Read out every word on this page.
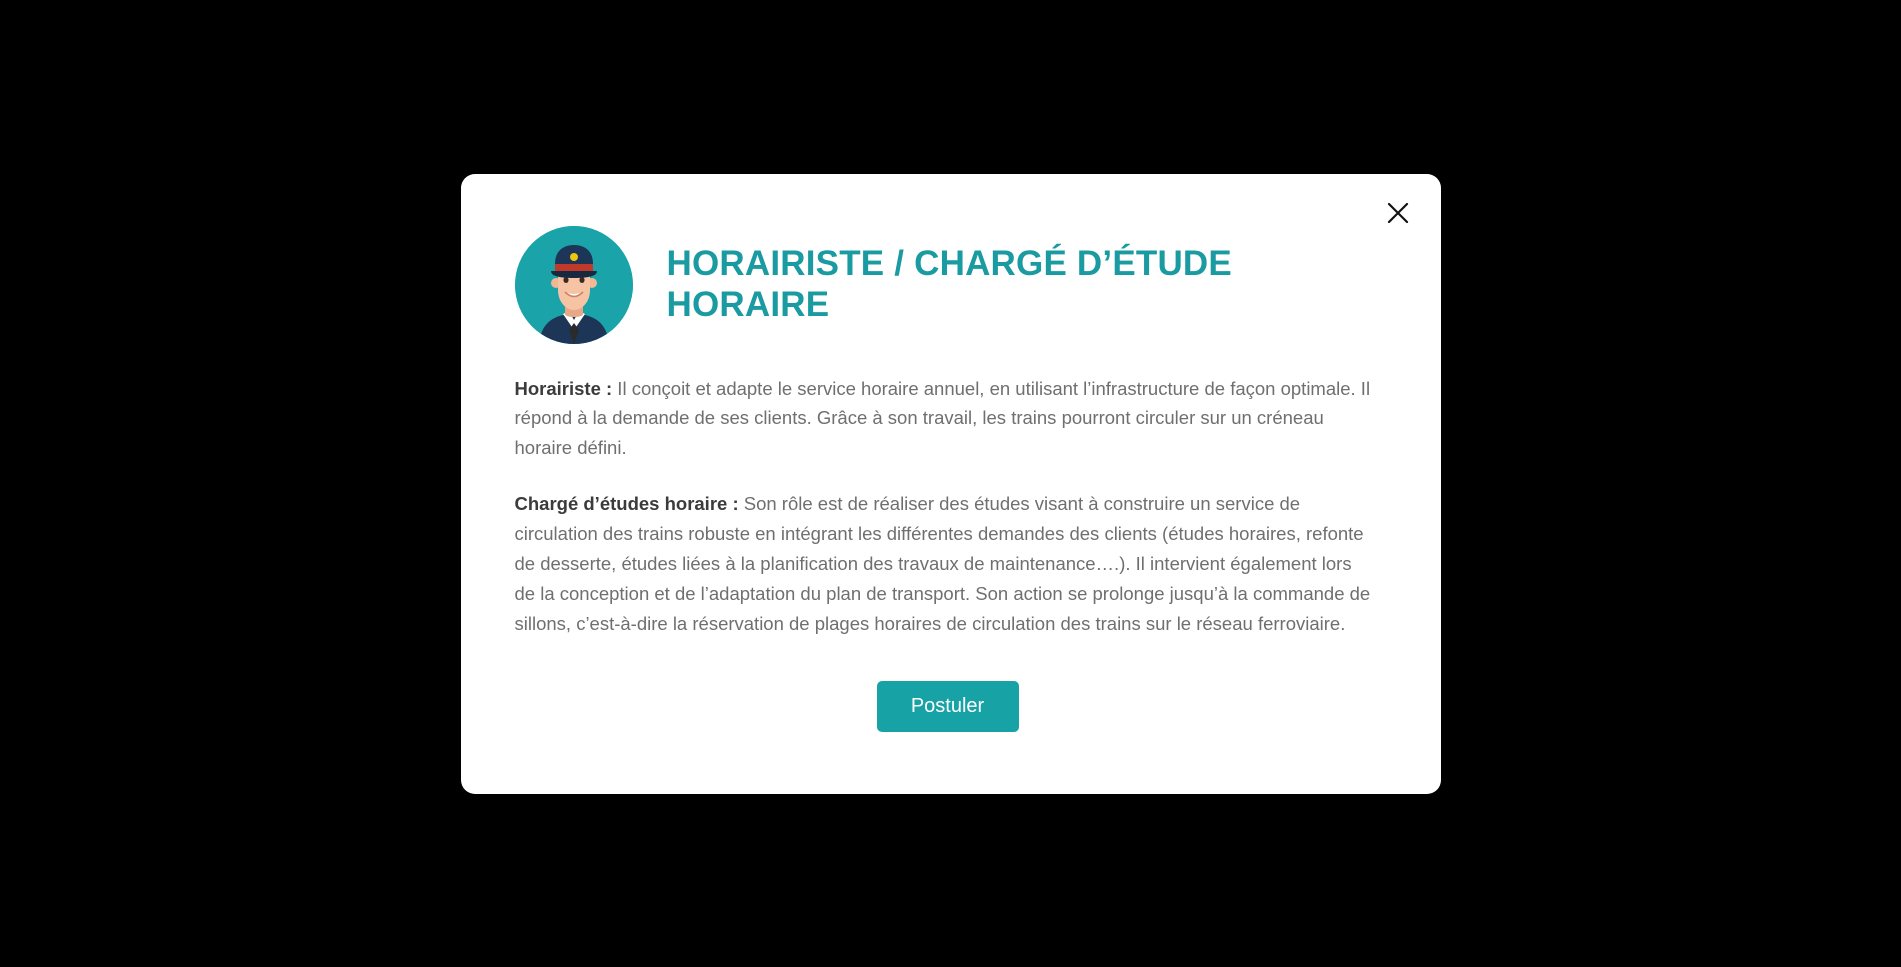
HORAIRISTE / CHARGÉ D’ÉTUDE HORAIRE

Horairiste : Il conçoit et adapte le service horaire annuel, en utilisant l’infrastructure de façon optimale. Il répond à la demande de ses clients. Grâce à son travail, les trains pourront circuler sur un créneau horaire défini.

Chargé d’études horaire : Son rôle est de réaliser des études visant à construire un service de circulation des trains robuste en intégrant les différentes demandes des clients (études horaires, refonte de desserte, études liées à la planification des travaux de maintenance….). Il intervient également lors de la conception et de l’adaptation du plan de transport. Son action se prolonge jusqu’à la commande de sillons, c’est-à-dire la réservation de plages horaires de circulation des trains sur le réseau ferroviaire.

Postuler
